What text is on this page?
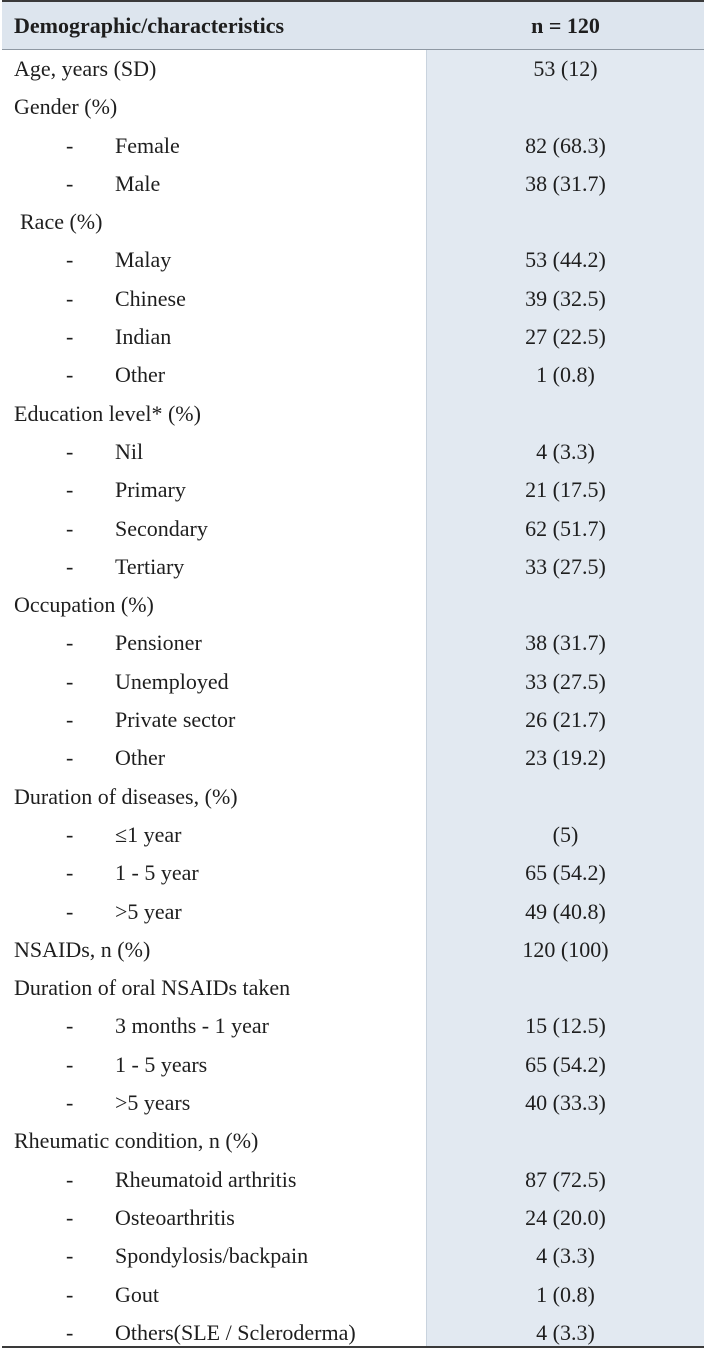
Demographic/characteristics	n = 120
Age, years (SD)	53 (12)
Gender (%)
- Female	82 (68.3)
- Male	38 (31.7)
Race (%)
- Malay	53 (44.2)
- Chinese	39 (32.5)
- Indian	27 (22.5)
- Other	1 (0.8)
Education level* (%)
- Nil	4 (3.3)
- Primary	21 (17.5)
- Secondary	62 (51.7)
- Tertiary	33 (27.5)
Occupation (%)
- Pensioner	38 (31.7)
- Unemployed	33 (27.5)
- Private sector	26 (21.7)
- Other	23 (19.2)
Duration of diseases, (%)
- ≤1 year	(5)
- 1 - 5 year	65 (54.2)
- >5 year	49 (40.8)
NSAIDs, n (%)	120 (100)
Duration of oral NSAIDs taken
- 3 months - 1 year	15 (12.5)
- 1 - 5 years	65 (54.2)
- >5 years	40 (33.3)
Rheumatic condition, n (%)
- Rheumatoid arthritis	87 (72.5)
- Osteoarthritis	24 (20.0)
- Spondylosis/backpain	4 (3.3)
- Gout	1 (0.8)
- Others(SLE / Scleroderma)	4 (3.3)
